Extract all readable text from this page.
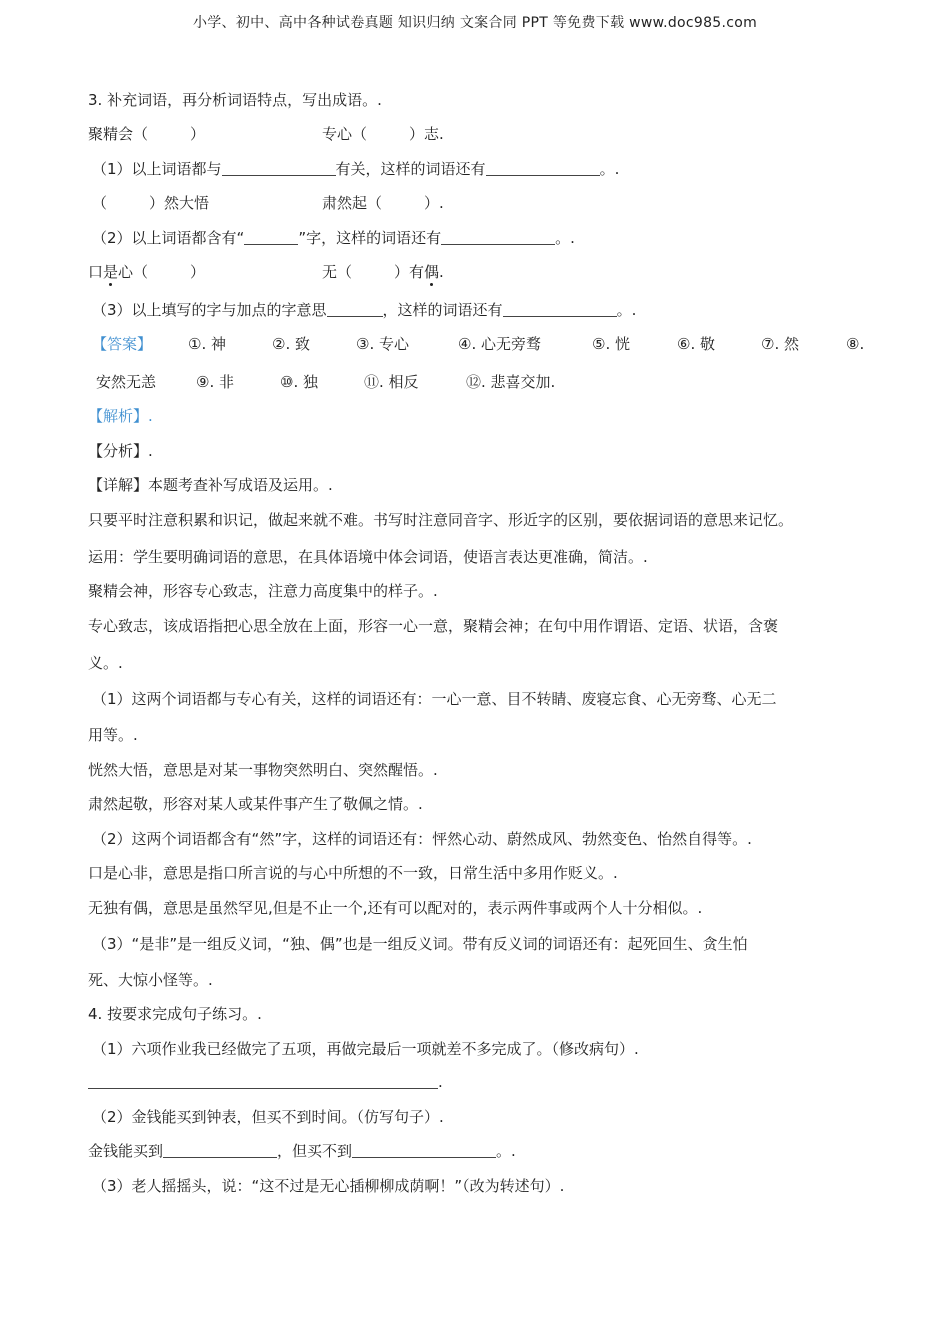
小学、初中、高中各种试卷真题 知识归纳 文案合同 PPT 等免费下载 www.doc985.com
3. 补充词语，再分析词语特点，写出成语。.
聚精会（	）	专心（	）志.
（1）以上词语都与	有关，这样的词语还有	。.
（	）然大悟	肃然起（	）.
（2）以上词语都含有“	”字，这样的词语还有	。.
口是心（	）	无（	）有偶.
（3）以上填写的字与加点的字意思	，这样的词语还有	。.
【答案】 ①. 神	②. 致	③. 专心	④. 心无旁骛	⑤. 恍	⑥. 敬	⑦. 然	⑧.
安然无恙	⑨. 非	⑩. 独	⑪. 相反	⑫. 悲喜交加.
【解析】.
【分析】.
【详解】本题考查补写成语及运用。.
只要平时注意积累和识记，做起来就不难。书写时注意同音字、形近字的区别，要依据词语的意思来记忆。
运用：学生要明确词语的意思，在具体语境中体会词语，使语言表达更准确，简洁。.
聚精会神，形容专心致志，注意力高度集中的样子。.
专心致志，该成语指把心思全放在上面，形容一心一意，聚精会神；在句中用作谓语、定语、状语，含褒
义。.
（1）这两个词语都与专心有关，这样的词语还有：一心一意、目不转睛、废寝忘食、心无旁骛、心无二
用等。.
恍然大悟，意思是对某一事物突然明白、突然醒悟。.
肃然起敬，形容对某人或某件事产生了敬佩之情。.
（2）这两个词语都含有“然”字，这样的词语还有：怦然心动、蔚然成风、勃然变色、怡然自得等。.
口是心非，意思是指口所言说的与心中所想的不一致，日常生活中多用作贬义。.
无独有偶，意思是虽然罕见,但是不止一个,还有可以配对的，表示两件事或两个人十分相似。.
（3）“是非”是一组反义词，“独、偶”也是一组反义词。带有反义词的词语还有：起死回生、贪生怕
死、大惊小怪等。.
4. 按要求完成句子练习。.
（1）六项作业我已经做完了五项，再做完最后一项就差不多完成了。（修改病句）.
.
（2）金钱能买到钟表，但买不到时间。（仿写句子）.
金钱能买到	，但买不到	。.
（3）老人摇摇头，说：“这不过是无心插柳柳成荫啊！”（改为转述句）.
